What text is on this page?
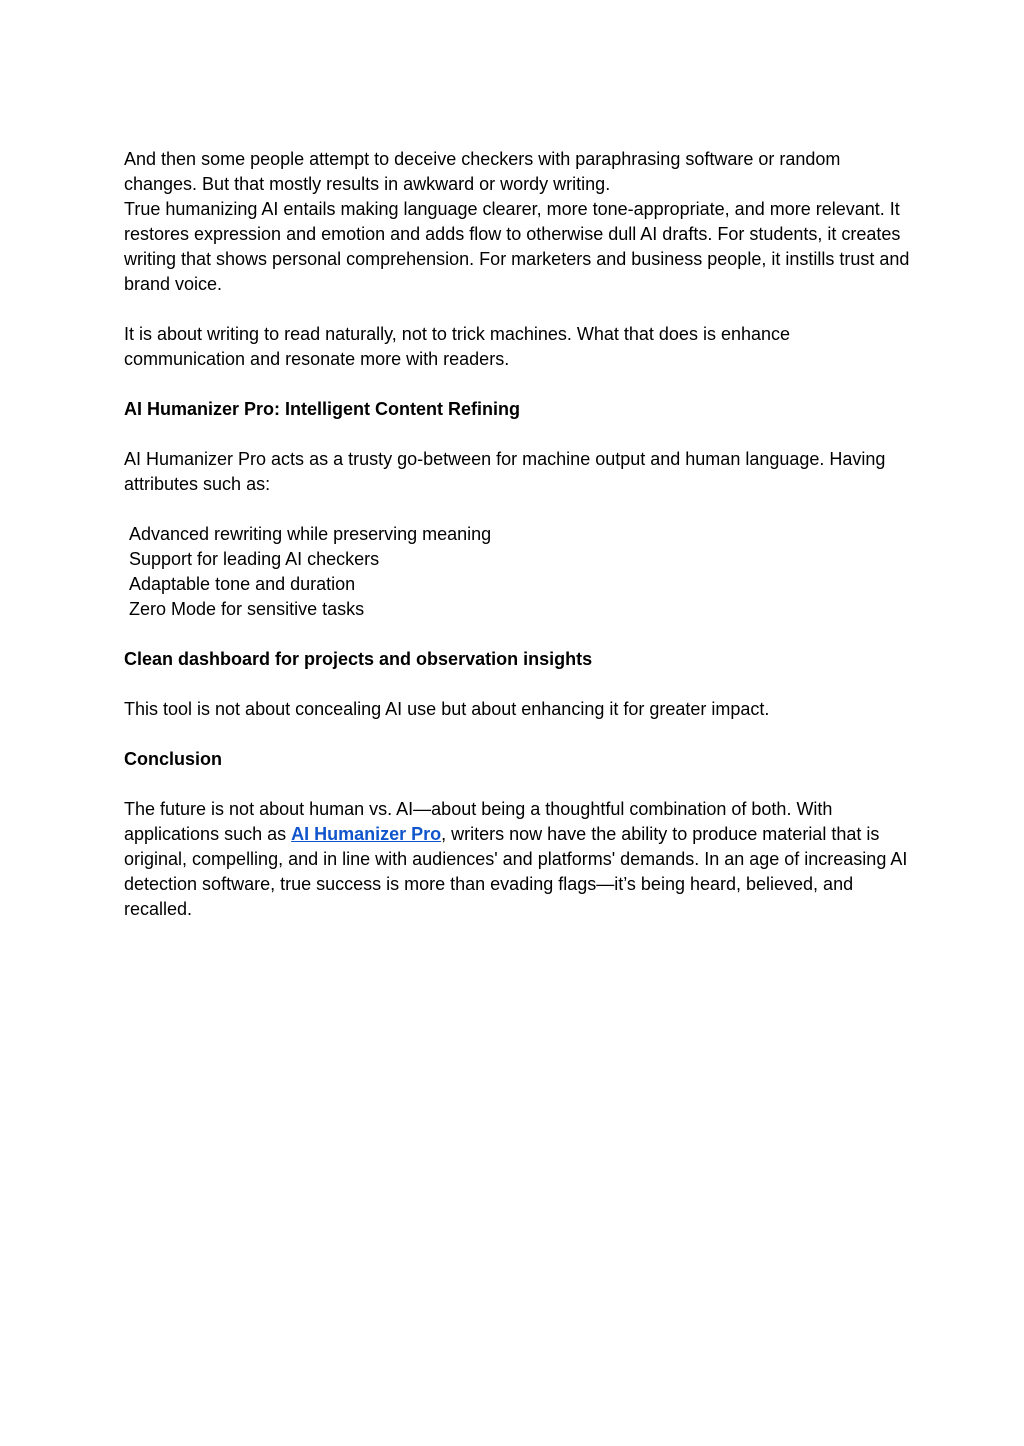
And then some people attempt to deceive checkers with paraphrasing software or random changes. But that mostly results in awkward or wordy writing.

True humanizing AI entails making language clearer, more tone-appropriate, and more relevant. It restores expression and emotion and adds flow to otherwise dull AI drafts. For students, it creates writing that shows personal comprehension. For marketers and business people, it instills trust and brand voice.

It is about writing to read naturally, not to trick machines. What that does is enhance communication and resonate more with readers.

AI Humanizer Pro: Intelligent Content Refining

AI Humanizer Pro acts as a trusty go-between for machine output and human language. Having attributes such as:

Advanced rewriting while preserving meaning

Support for leading AI checkers

Adaptable tone and duration

Zero Mode for sensitive tasks

Clean dashboard for projects and observation insights

This tool is not about concealing AI use but about enhancing it for greater impact.

Conclusion

The future is not about human vs. AI—about being a thoughtful combination of both. With applications such as AI Humanizer Pro, writers now have the ability to produce material that is original, compelling, and in line with audiences' and platforms' demands. In an age of increasing AI detection software, true success is more than evading flags—it’s being heard, believed, and recalled.
